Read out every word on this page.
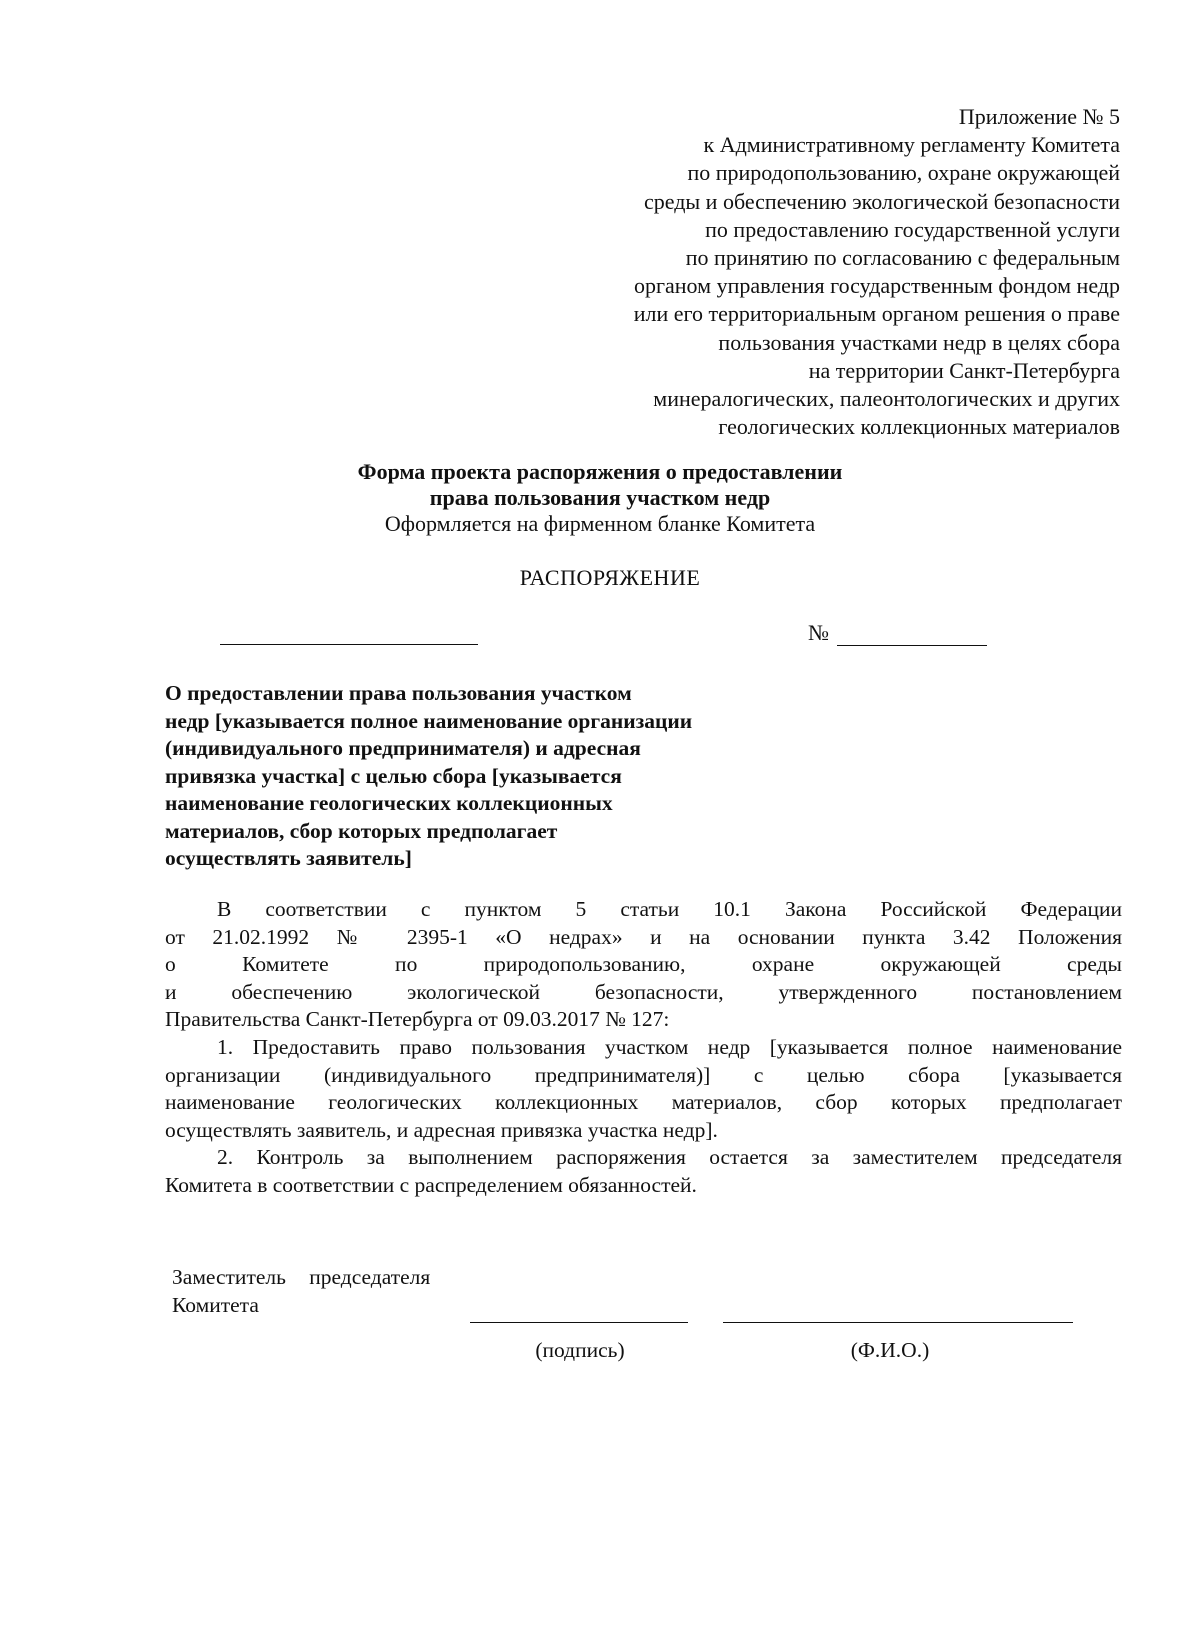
Приложение № 5
к Административному регламенту Комитета
по природопользованию, охране окружающей
среды и обеспечению экологической безопасности
по предоставлению государственной услуги
по принятию по согласованию с федеральным
органом управления государственным фондом недр
или его территориальным органом решения о праве
пользования участками недр в целях сбора
на территории Санкт-Петербурга
минералогических, палеонтологических и других
геологических коллекционных материалов
Форма проекта распоряжения о предоставлении
права пользования участком недр
Оформляется на фирменном бланке Комитета
РАСПОРЯЖЕНИЕ
№
О предоставлении права пользования участком
недр [указывается полное наименование организации
(индивидуального предпринимателя) и адресная
привязка участка] с целью сбора [указывается
наименование геологических коллекционных
материалов, сбор которых предполагает
осуществлять заявитель]
В соответствии с пунктом 5 статьи 10.1 Закона Российской Федерации
от 21.02.1992 № 2395-1 «О недрах» и на основании пункта 3.42 Положения
о Комитете по природопользованию, охране окружающей среды
и обеспечению экологической безопасности, утвержденного постановлением
Правительства Санкт-Петербурга от 09.03.2017 № 127:
1. Предоставить право пользования участком недр [указывается полное наименование
организации (индивидуального предпринимателя)] с целью сбора [указывается
наименование геологических коллекционных материалов, сбор которых предполагает
осуществлять заявитель, и адресная привязка участка недр].
2. Контроль за выполнением распоряжения остается за заместителем председателя
Комитета в соответствии с распределением обязанностей.
Заместитель председателя
Комитета
(подпись)	(Ф.И.О.)
